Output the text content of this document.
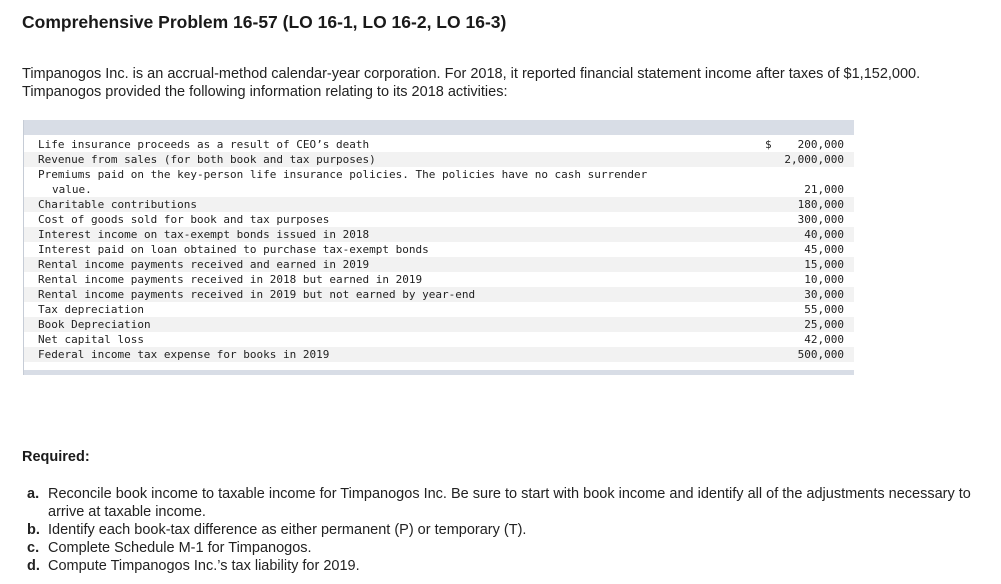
Comprehensive Problem 16-57 (LO 16-1, LO 16-2, LO 16-3)

Timpanogos Inc. is an accrual-method calendar-year corporation. For 2018, it reported financial statement income after taxes of $1,152,000. Timpanogos provided the following information relating to its 2018 activities:

Life insurance proceeds as a result of CEO’s death	$ 200,000
Revenue from sales (for both book and tax purposes)	2,000,000
Premiums paid on the key-person life insurance policies. The policies have no cash surrender
value.	21,000
Charitable contributions	180,000
Cost of goods sold for book and tax purposes	300,000
Interest income on tax-exempt bonds issued in 2018	40,000
Interest paid on loan obtained to purchase tax-exempt bonds	45,000
Rental income payments received and earned in 2019	15,000
Rental income payments received in 2018 but earned in 2019	10,000
Rental income payments received in 2019 but not earned by year-end	30,000
Tax depreciation	55,000
Book Depreciation	25,000
Net capital loss	42,000
Federal income tax expense for books in 2019	500,000
Required:
a. Reconcile book income to taxable income for Timpanogos Inc. Be sure to start with book income and identify all of the adjustments necessary to arrive at taxable income.
b. Identify each book-tax difference as either permanent (P) or temporary (T).
c. Complete Schedule M-1 for Timpanogos.
d. Compute Timpanogos Inc.’s tax liability for 2019.
